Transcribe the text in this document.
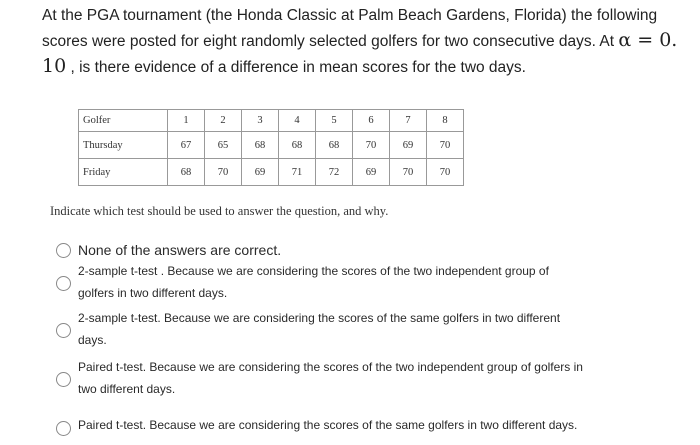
At the PGA tournament (the Honda Classic at Palm Beach Gardens, Florida) the following scores were posted for eight randomly selected golfers for two consecutive days. At α = 0. 10 , is there evidence of a difference in mean scores for the two days.
Golfer	1	2	3	4	5	6	7	8
Thursday	67	65	68	68	68	70	69	70
Friday	68	70	69	71	72	69	70	70
Indicate which test should be used to answer the question, and why.
None of the answers are correct.
2-sample t-test . Because we are considering the scores of the two independent group of
golfers in two different days.
2-sample t-test. Because we are considering the scores of the same golfers in two different
days.
Paired t-test. Because we are considering the scores of the two independent group of golfers in
two different days.
Paired t-test. Because we are considering the scores of the same golfers in two different days.
